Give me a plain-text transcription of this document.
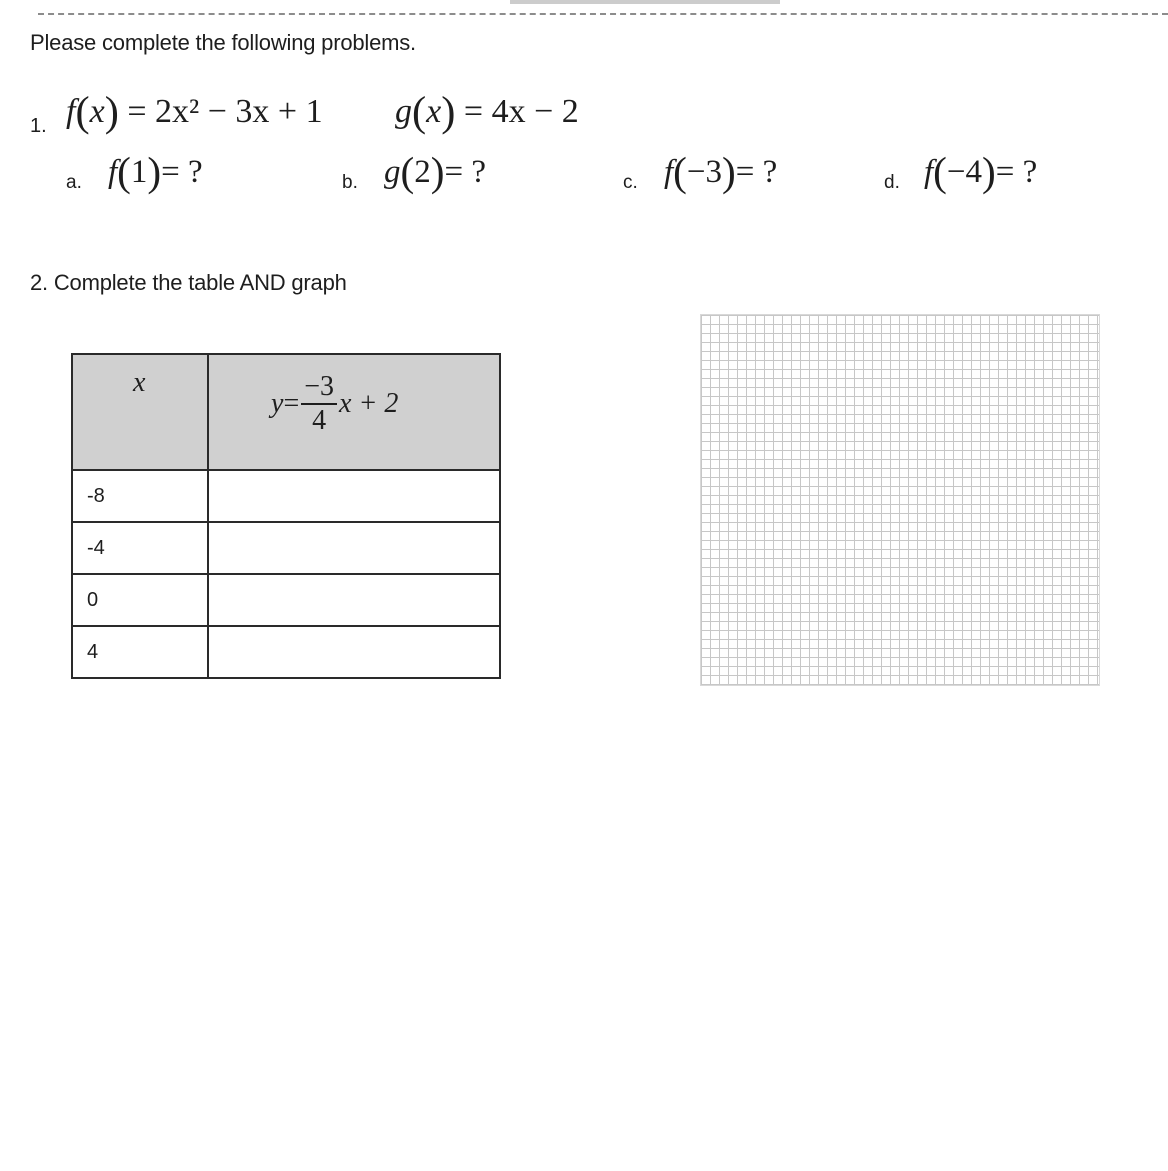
Please complete the following problems.
1. f(x) = 2x² − 3x + 1 g(x) = 4x − 2
a. f(1)= ?	b. g(2)= ?	c. f(−3)= ?	d. f(−4)= ?
2. Complete the table AND graph
x	$y = \frac{-3}{4}$ x + 2

-8	
-4	
0	
4	
